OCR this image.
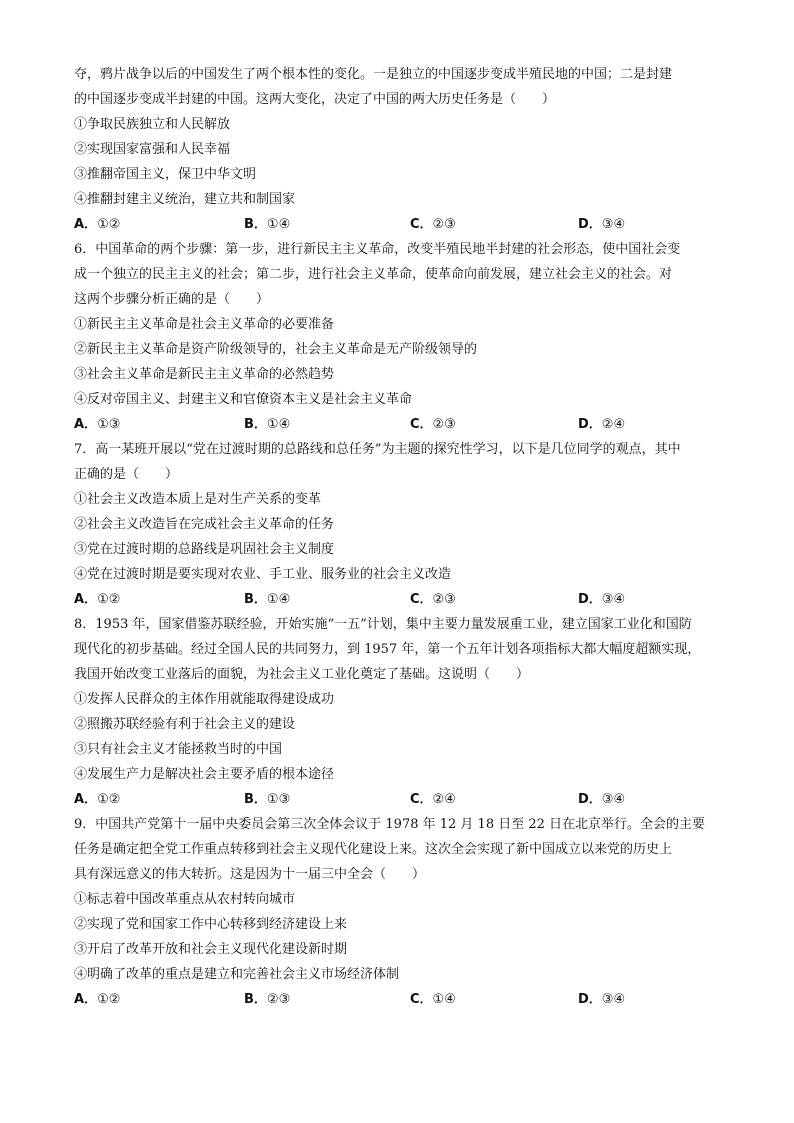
夺，鸦片战争以后的中国发生了两个根本性的变化。一是独立的中国逐步变成半殖民地的中国；二是封建
的中国逐步变成半封建的中国。这两大变化，决定了中国的两大历史任务是（　　）
①争取民族独立和人民解放
②实现国家富强和人民幸福
③推翻帝国主义，保卫中华文明
④推翻封建主义统治，建立共和制国家
A．①②	B．①④	C．②③	D．③④
6．中国革命的两个步骤：第一步，进行新民主主义革命，改变半殖民地半封建的社会形态，使中国社会变
成一个独立的民主主义的社会；第二步，进行社会主义革命，使革命向前发展，建立社会主义的社会。对
这两个步骤分析正确的是（　　）
①新民主主义革命是社会主义革命的必要准备
②新民主主义革命是资产阶级领导的，社会主义革命是无产阶级领导的
③社会主义革命是新民主主义革命的必然趋势
④反对帝国主义、封建主义和官僚资本主义是社会主义革命
A．①③	B．①④	C．②③	D．②④
7．高一某班开展以“党在过渡时期的总路线和总任务”为主题的探究性学习，以下是几位同学的观点，其中
正确的是（　　）
①社会主义改造本质上是对生产关系的变革
②社会主义改造旨在完成社会主义革命的任务
③党在过渡时期的总路线是巩固社会主义制度
④党在过渡时期是要实现对农业、手工业、服务业的社会主义改造
A．①②	B．①④	C．②③	D．③④
8．1953 年，国家借鉴苏联经验，开始实施“一五”计划，集中主要力量发展重工业，建立国家工业化和国防
现代化的初步基础。经过全国人民的共同努力，到 1957 年，第一个五年计划各项指标大都大幅度超额实现，
我国开始改变工业落后的面貌，为社会主义工业化奠定了基础。这说明（　　）
①发挥人民群众的主体作用就能取得建设成功
②照搬苏联经验有利于社会主义的建设
③只有社会主义才能拯救当时的中国
④发展生产力是解决社会主要矛盾的根本途径
A．①②	B．①③	C．②④	D．③④
9．中国共产党第十一届中央委员会第三次全体会议于 1978 年 12 月 18 日至 22 日在北京举行。全会的主要
任务是确定把全党工作重点转移到社会主义现代化建设上来。这次全会实现了新中国成立以来党的历史上
具有深远意义的伟大转折。这是因为十一届三中全会（　　）
①标志着中国改革重点从农村转向城市
②实现了党和国家工作中心转移到经济建设上来
③开启了改革开放和社会主义现代化建设新时期
④明确了改革的重点是建立和完善社会主义市场经济体制
A．①②	B．②③	C．①④	D．③④
